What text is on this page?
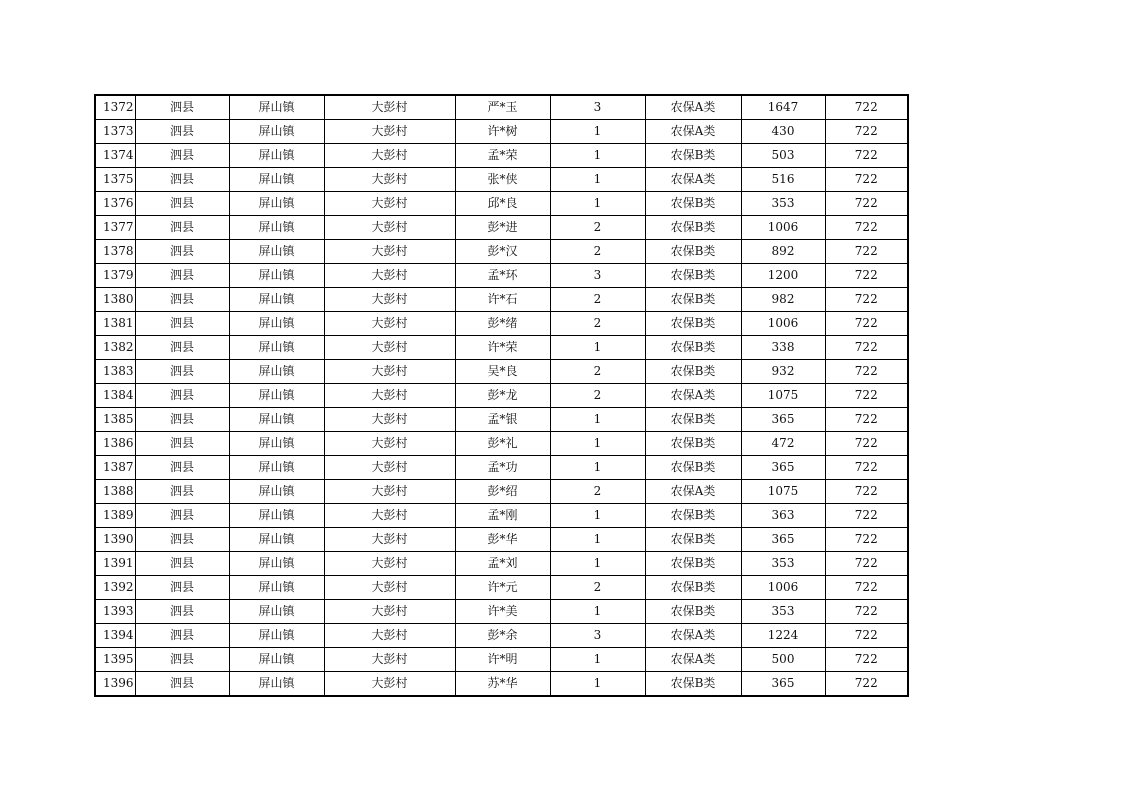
1372	泗县	屏山镇	大彭村	严*玉	3	农保A类	1647	722
1373	泗县	屏山镇	大彭村	许*树	1	农保A类	430	722
1374	泗县	屏山镇	大彭村	孟*荣	1	农保B类	503	722
1375	泗县	屏山镇	大彭村	张*侠	1	农保A类	516	722
1376	泗县	屏山镇	大彭村	邱*良	1	农保B类	353	722
1377	泗县	屏山镇	大彭村	彭*进	2	农保B类	1006	722
1378	泗县	屏山镇	大彭村	彭*汉	2	农保B类	892	722
1379	泗县	屏山镇	大彭村	孟*环	3	农保B类	1200	722
1380	泗县	屏山镇	大彭村	许*石	2	农保B类	982	722
1381	泗县	屏山镇	大彭村	彭*绪	2	农保B类	1006	722
1382	泗县	屏山镇	大彭村	许*荣	1	农保B类	338	722
1383	泗县	屏山镇	大彭村	吴*良	2	农保B类	932	722
1384	泗县	屏山镇	大彭村	彭*龙	2	农保A类	1075	722
1385	泗县	屏山镇	大彭村	孟*银	1	农保B类	365	722
1386	泗县	屏山镇	大彭村	彭*礼	1	农保B类	472	722
1387	泗县	屏山镇	大彭村	孟*功	1	农保B类	365	722
1388	泗县	屏山镇	大彭村	彭*绍	2	农保A类	1075	722
1389	泗县	屏山镇	大彭村	孟*刚	1	农保B类	363	722
1390	泗县	屏山镇	大彭村	彭*华	1	农保B类	365	722
1391	泗县	屏山镇	大彭村	孟*刘	1	农保B类	353	722
1392	泗县	屏山镇	大彭村	许*元	2	农保B类	1006	722
1393	泗县	屏山镇	大彭村	许*美	1	农保B类	353	722
1394	泗县	屏山镇	大彭村	彭*余	3	农保A类	1224	722
1395	泗县	屏山镇	大彭村	许*明	1	农保A类	500	722
1396	泗县	屏山镇	大彭村	苏*华	1	农保B类	365	722
